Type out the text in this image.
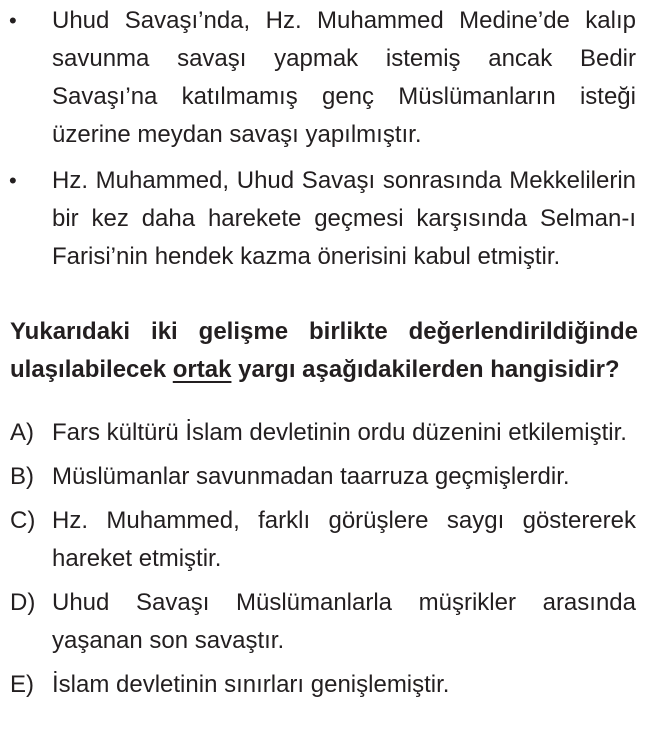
• Uhud Savaşı’nda, Hz. Muhammed Medine’de kalıp savunma savaşı yapmak istemiş ancak Bedir Savaşı’na katılmamış genç Müslümanların isteği üzerine meydan savaşı yapılmıştır.
• Hz. Muhammed, Uhud Savaşı sonrasında Mekkelilerin bir kez daha harekete geçmesi karşısında Selman-ı Farisi’nin hendek kazma önerisini kabul etmiştir.
Yukarıdaki iki gelişme birlikte değerlendirildiğinde ulaşılabilecek ortak yargı aşağıdakilerden hangisidir?
A) Fars kültürü İslam devletinin ordu düzenini etkilemiştir.
B) Müslümanlar savunmadan taarruza geçmişlerdir.
C) Hz. Muhammed, farklı görüşlere saygı göstererek hareket etmiştir.
D) Uhud Savaşı Müslümanlarla müşrikler arasında yaşanan son savaştır.
E) İslam devletinin sınırları genişlemiştir.
